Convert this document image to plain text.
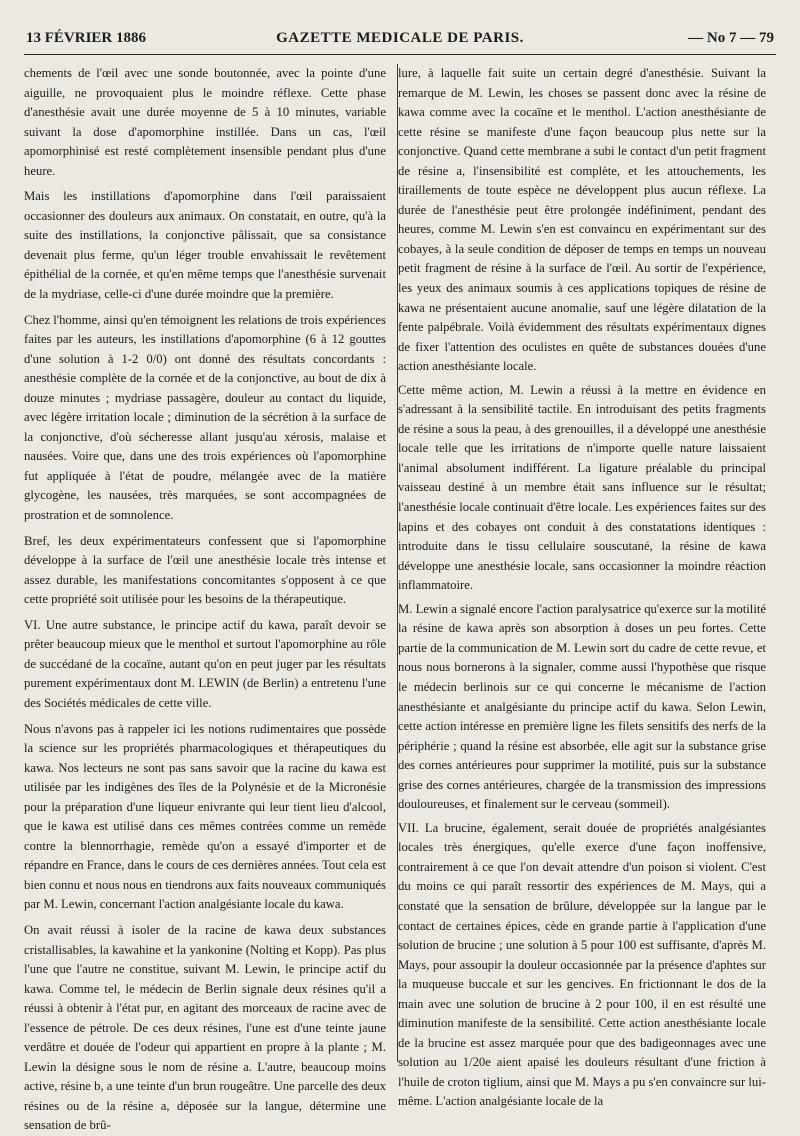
13 FÉVRIER 1886	GAZETTE MEDICALE DE PARIS.	— No 7 — 79

chements de l'œil avec une sonde boutonnée, avec la pointe d'une aiguille, ne provoquaient plus le moindre réflexe. Cette phase d'anesthésie avait une durée moyenne de 5 à 10 minutes, variable suivant la dose d'apomorphine instillée. Dans un cas, l'œil apomorphinisé est resté complètement insensible pendant plus d'une heure.

Mais les instillations d'apomorphine dans l'œil paraissaient occasionner des douleurs aux animaux. On constatait, en outre, qu'à la suite des instillations, la conjonctive pâlissait, que sa consistance devenait plus ferme, qu'un léger trouble envahissait le revêtement épithélial de la cornée, et qu'en même temps que l'anesthésie survenait de la mydriase, celle-ci d'une durée moindre que la première.

Chez l'homme, ainsi qu'en témoignent les relations de trois expériences faites par les auteurs, les instillations d'apomorphine (6 à 12 gouttes d'une solution à 1-2 0/0) ont donné des résultats concordants : anesthésie complète de la cornée et de la conjonctive, au bout de dix à douze minutes ; mydriase passagère, douleur au contact du liquide, avec légère irritation locale ; diminution de la sécrétion à la surface de la conjonctive, d'où sécheresse allant jusqu'au xérosis, malaise et nausées. Voire que, dans une des trois expériences où l'apomorphine fut appliquée à l'état de poudre, mélangée avec de la matière glycogène, les nausées, très marquées, se sont accompagnées de prostration et de somnolence.

Bref, les deux expérimentateurs confessent que si l'apomorphine développe à la surface de l'œil une anesthésie locale très intense et assez durable, les manifestations concomitantes s'opposent à ce que cette propriété soit utilisée pour les besoins de la thérapeutique.

VI. Une autre substance, le principe actif du kawa, paraît devoir se prêter beaucoup mieux que le menthol et surtout l'apomorphine au rôle de succédané de la cocaïne, autant qu'on en peut juger par les résultats purement expérimentaux dont M. LEWIN (de Berlin) a entretenu l'une des Sociétés médicales de cette ville.

Nous n'avons pas à rappeler ici les notions rudimentaires que possède la science sur les propriétés pharmacologiques et thérapeutiques du kawa. Nos lecteurs ne sont pas sans savoir que la racine du kawa est utilisée par les indigènes des îles de la Polynésie et de la Micronésie pour la préparation d'une liqueur enivrante qui leur tient lieu d'alcool, que le kawa est utilisé dans ces mêmes contrées comme un remède contre la blennorrhagie, remède qu'on a essayé d'importer et de répandre en France, dans le cours de ces dernières années. Tout cela est bien connu et nous nous en tiendrons aux faits nouveaux communiqués par M. Lewin, concernant l'action analgésiante locale du kawa.

On avait réussi à isoler de la racine de kawa deux substances cristallisables, la kawahine et la yankonine (Nolting et Kopp). Pas plus l'une que l'autre ne constitue, suivant M. Lewin, le principe actif du kawa. Comme tel, le médecin de Berlin signale deux résines qu'il a réussi à obtenir à l'état pur, en agitant des morceaux de racine avec de l'essence de pétrole. De ces deux résines, l'une est d'une teinte jaune verdâtre et douée de l'odeur qui appartient en propre à la plante ; M. Lewin la désigne sous le nom de résine a. L'autre, beaucoup moins active, résine b, a une teinte d'un brun rougeâtre. Une parcelle des deux résines ou de la résine a, déposée sur la langue, détermine une sensation de brû-

lure, à laquelle fait suite un certain degré d'anesthésie. Suivant la remarque de M. Lewin, les choses se passent donc avec la résine de kawa comme avec la cocaïne et le menthol. L'action anesthésiante de cette résine se manifeste d'une façon beaucoup plus nette sur la conjonctive. Quand cette membrane a subi le contact d'un petit fragment de résine a, l'insensibilité est complète, et les attouchements, les tiraillements de toute espèce ne développent plus aucun réflexe. La durée de l'anesthésie peut être prolongée indéfiniment, pendant des heures, comme M. Lewin s'en est convaincu en expérimentant sur des cobayes, à la seule condition de déposer de temps en temps un nouveau petit fragment de résine à la surface de l'œil. Au sortir de l'expérience, les yeux des animaux soumis à ces applications topiques de résine de kawa ne présentaient aucune anomalie, sauf une légère dilatation de la fente palpébrale. Voilà évidemment des résultats expérimentaux dignes de fixer l'attention des oculistes en quête de substances douées d'une action anesthésiante locale.

Cette même action, M. Lewin a réussi à la mettre en évidence en s'adressant à la sensibilité tactile. En introduisant des petits fragments de résine a sous la peau, à des grenouilles, il a développé une anesthésie locale telle que les irritations de n'importe quelle nature laissaient l'animal absolument indifférent. La ligature préalable du principal vaisseau destiné à un membre était sans influence sur le résultat; l'anesthésie locale continuait d'être locale. Les expériences faites sur des lapins et des cobayes ont conduit à des constatations identiques : introduite dans le tissu cellulaire souscutané, la résine de kawa développe une anesthésie locale, sans occasionner la moindre réaction inflammatoire.

M. Lewin a signalé encore l'action paralysatrice qu'exerce sur la motilité la résine de kawa après son absorption à doses un peu fortes. Cette partie de la communication de M. Lewin sort du cadre de cette revue, et nous nous bornerons à la signaler, comme aussi l'hypothèse que risque le médecin berlinois sur ce qui concerne le mécanisme de l'action anesthésiante et analgésiante du principe actif du kawa. Selon Lewin, cette action intéresse en première ligne les filets sensitifs des nerfs de la périphérie ; quand la résine est absorbée, elle agit sur la substance grise des cornes antérieures pour supprimer la motilité, puis sur la substance grise des cornes antérieures, chargée de la transmission des impressions douloureuses, et finalement sur le cerveau (sommeil).

VII. La brucine, également, serait douée de propriétés analgésiantes locales très énergiques, qu'elle exerce d'une façon inoffensive, contrairement à ce que l'on devait attendre d'un poison si violent. C'est du moins ce qui paraît ressortir des expériences de M. Mays, qui a constaté que la sensation de brûlure, développée sur la langue par le contact de certaines épices, cède en grande partie à l'application d'une solution de brucine ; une solution à 5 pour 100 est suffisante, d'après M. Mays, pour assoupir la douleur occasionnée par la présence d'aphtes sur la muqueuse buccale et sur les gencives. En frictionnant le dos de la main avec une solution de brucine à 2 pour 100, il en est résulté une diminution manifeste de la sensibilité. Cette action anesthésiante locale de la brucine est assez marquée pour que des badigeonnages avec une solution au 1/20e aient apaisé les douleurs résultant d'une friction à l'huile de croton tiglium, ainsi que M. Mays a pu s'en convaincre sur lui-même. L'action analgésiante locale de la
